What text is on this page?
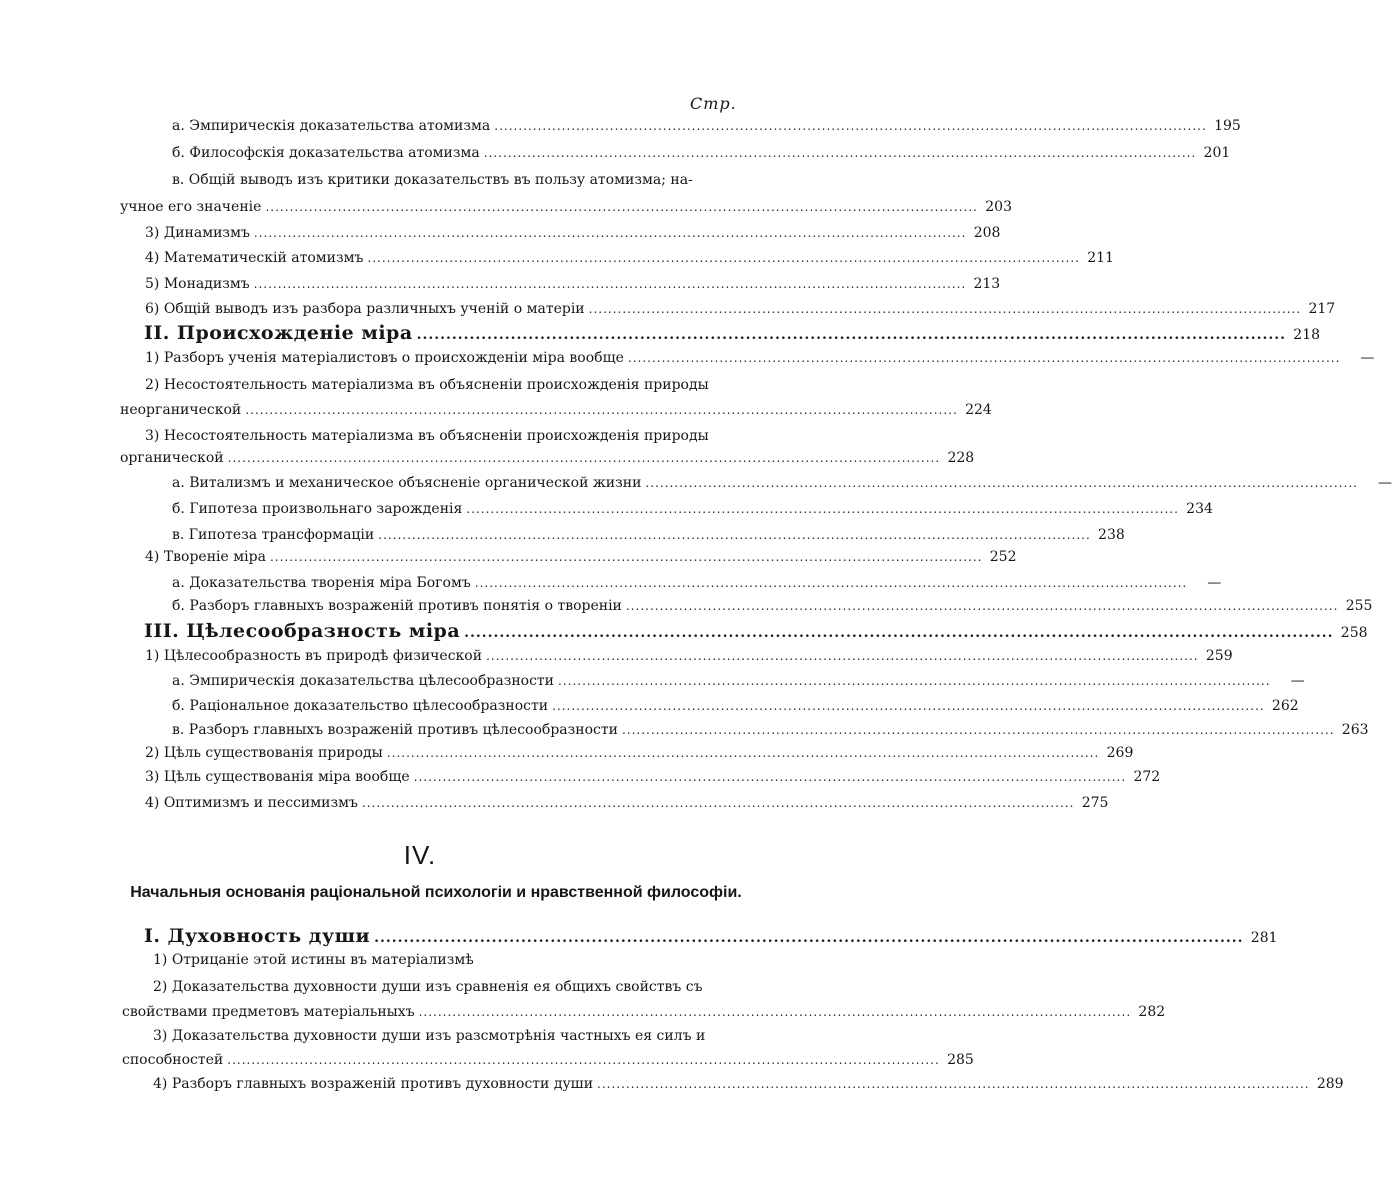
Стр.
а. Эмпирическія доказательства атомизма .................................................................................................................................................... 195
б. Философскія доказательства атомизма .................................................................................................................................................... 201
в. Общій выводъ изъ критики доказательствъ въ пользу атомизма; на-
учное его значеніе .................................................................................................................................................... 203
3) Динамизмъ .................................................................................................................................................... 208
4) Математическій атомизмъ .................................................................................................................................................... 211
5) Монадизмъ .................................................................................................................................................... 213
6) Общій выводъ изъ разбора различныхъ ученій о матеріи .................................................................................................................................................... 217
II. Происхожденіе міра .................................................................................................................................................... 218
1) Разборъ ученія матеріалистовъ о происхожденіи міра вообще ....................................................................................................................................................	—
2) Несостоятельность матеріализма въ объясненіи происхожденія природы
неорганической .................................................................................................................................................... 224
3) Несостоятельность матеріализма въ объясненіи происхожденія природы
органической .................................................................................................................................................... 228
а. Витализмъ и механическое объясненіе органической жизни ....................................................................................................................................................	—
б. Гипотеза произвольнаго зарожденія .................................................................................................................................................... 234
в. Гипотеза трансформаціи .................................................................................................................................................... 238
4) Твореніе міра .................................................................................................................................................... 252
а. Доказательства творенія міра Богомъ ....................................................................................................................................................	—
б. Разборъ главныхъ возраженій противъ понятія о твореніи .................................................................................................................................................... 255
III. Цѣлесообразность міра .................................................................................................................................................... 258
1) Цѣлесообразность въ природѣ физической .................................................................................................................................................... 259
а. Эмпирическія доказательства цѣлесообразности ....................................................................................................................................................	—
б. Раціональное доказательство цѣлесообразности .................................................................................................................................................... 262
в. Разборъ главныхъ возраженій противъ цѣлесообразности .................................................................................................................................................... 263
2) Цѣль существованія природы .................................................................................................................................................... 269
3) Цѣль существованія міра вообще .................................................................................................................................................... 272
4) Оптимизмъ и пессимизмъ .................................................................................................................................................... 275
IV.
Начальныя основанія раціональной психологіи и нравственной философіи.
I. Духовность души .................................................................................................................................................... 281
1) Отрицаніе этой истины въ матеріализмѣ
2) Доказательства духовности души изъ сравненія ея общихъ свойствъ съ
свойствами предметовъ матеріальныхъ .................................................................................................................................................... 282
3) Доказательства духовности души изъ разсмотрѣнія частныхъ ея силъ и
способностей .................................................................................................................................................... 285
4) Разборъ главныхъ возраженій противъ духовности души .................................................................................................................................................... 289
